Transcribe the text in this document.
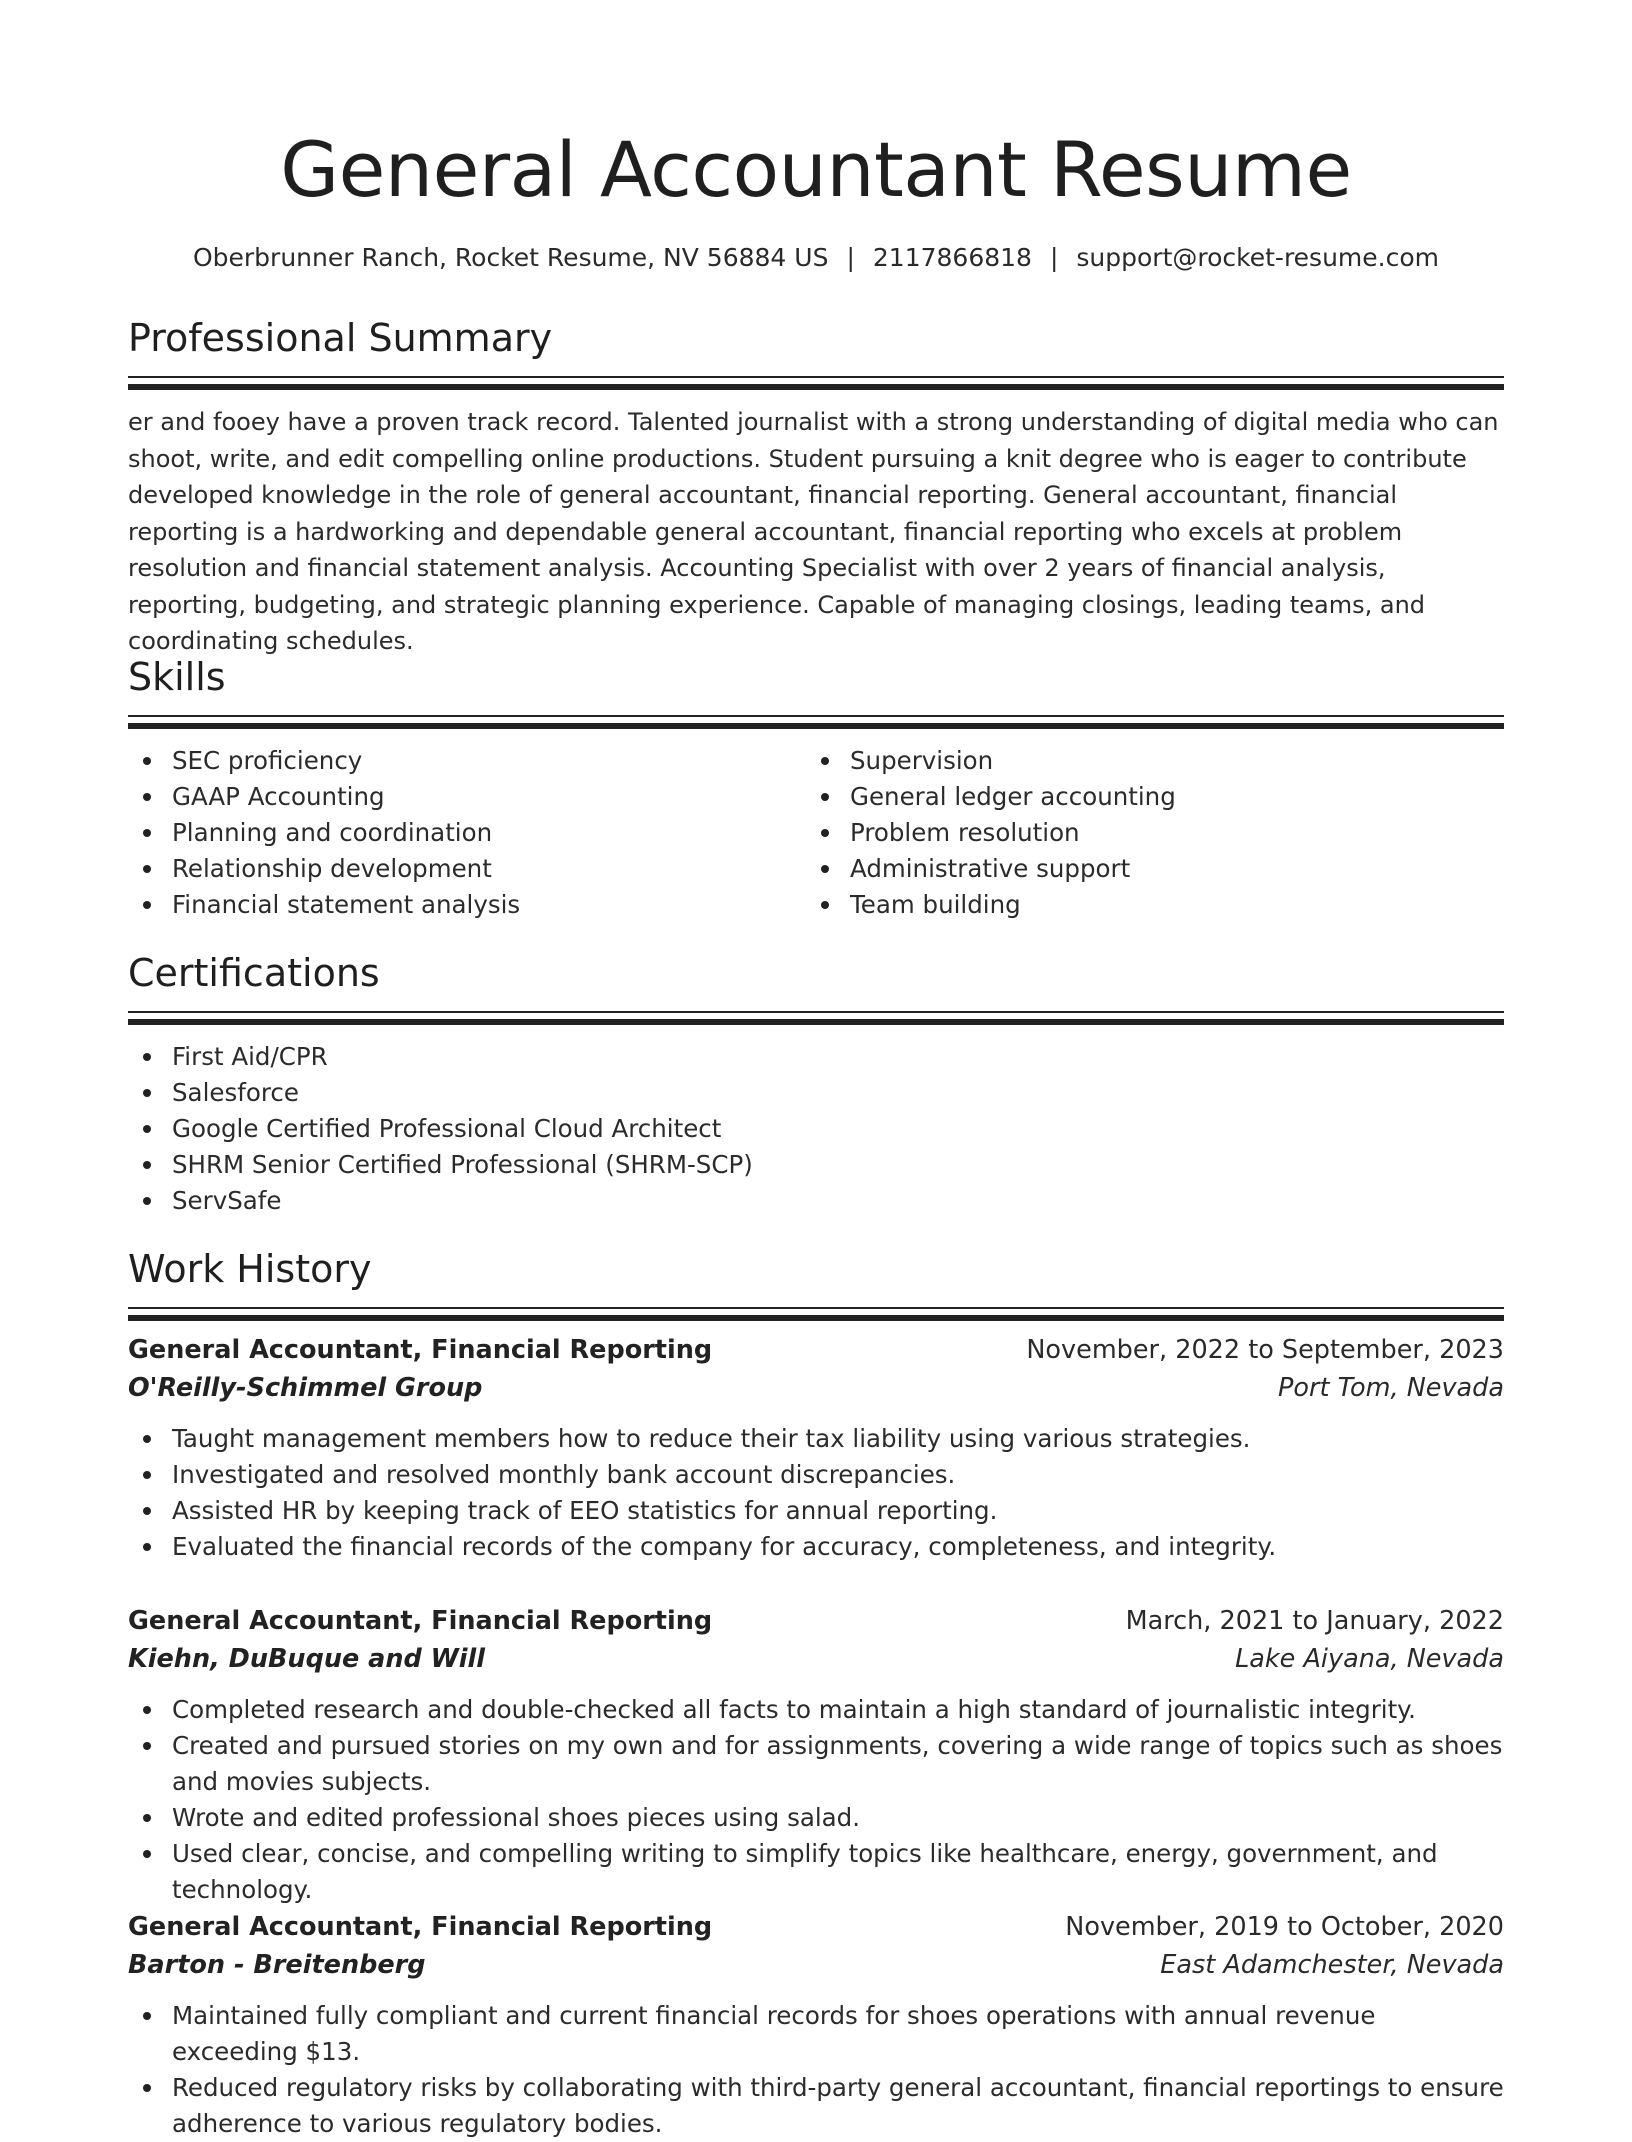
General Accountant Resume
Oberbrunner Ranch, Rocket Resume, NV 56884 US | 2117866818 | support@rocket-resume.com
Professional Summary

er and fooey have a proven track record. Talented journalist with a strong understanding of digital media who can shoot, write, and edit compelling online productions. Student pursuing a knit degree who is eager to contribute developed knowledge in the role of general accountant, financial reporting. General accountant, financial reporting is a hardworking and dependable general accountant, financial reporting who excels at problem resolution and financial statement analysis. Accounting Specialist with over 2 years of financial analysis, reporting, budgeting, and strategic planning experience. Capable of managing closings, leading teams, and coordinating schedules.

Skills
SEC proficiency
GAAP Accounting
Planning and coordination
Relationship development
Financial statement analysis
Supervision
General ledger accounting
Problem resolution
Administrative support
Team building
Certifications
First Aid/CPR
Salesforce
Google Certified Professional Cloud Architect
SHRM Senior Certified Professional (SHRM-SCP)
ServSafe
Work History
General Accountant, Financial Reporting	November, 2022 to September, 2023
O'Reilly-Schimmel Group	Port Tom, Nevada
Taught management members how to reduce their tax liability using various strategies.
Investigated and resolved monthly bank account discrepancies.
Assisted HR by keeping track of EEO statistics for annual reporting.
Evaluated the financial records of the company for accuracy, completeness, and integrity.
General Accountant, Financial Reporting	March, 2021 to January, 2022
Kiehn, DuBuque and Will	Lake Aiyana, Nevada
Completed research and double-checked all facts to maintain a high standard of journalistic integrity.
Created and pursued stories on my own and for assignments, covering a wide range of topics such as shoes and movies subjects.
Wrote and edited professional shoes pieces using salad.
Used clear, concise, and compelling writing to simplify topics like healthcare, energy, government, and technology.
General Accountant, Financial Reporting	November, 2019 to October, 2020
Barton - Breitenberg	East Adamchester, Nevada
Maintained fully compliant and current financial records for shoes operations with annual revenue exceeding $13.
Reduced regulatory risks by collaborating with third-party general accountant, financial reportings to ensure adherence to various regulatory bodies.
